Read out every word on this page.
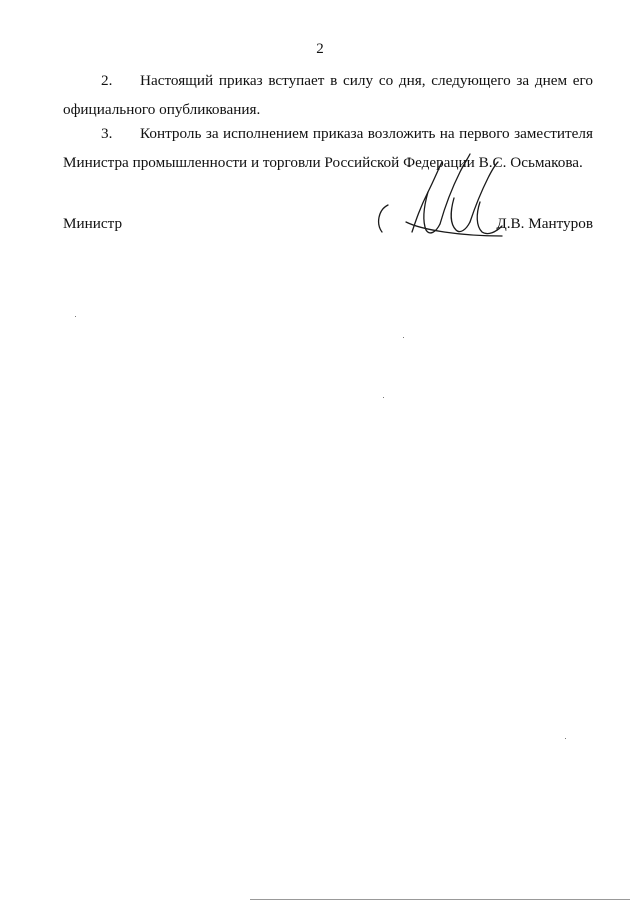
2
2. Настоящий приказ вступает в силу со дня, следующего за днем его официального опубликования.
3. Контроль за исполнением приказа возложить на первого заместителя Министра промышленности и торговли Российской Федерации В.С. Осьмакова.
Министр	Д.В. Мантуров
